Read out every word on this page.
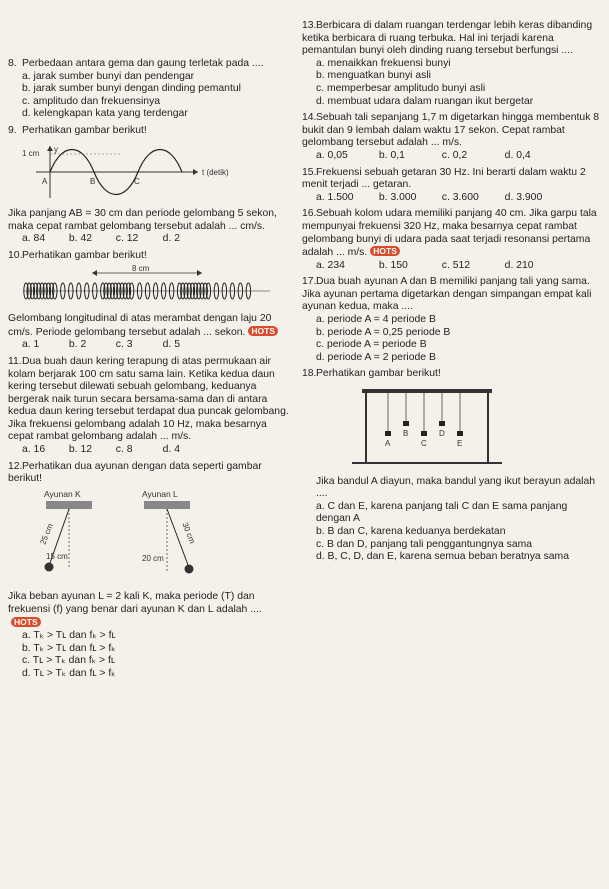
8. Perbedaan antara gema dan gaung terletak pada ....
a. jarak sumber bunyi dan pendengar
b. jarak sumber bunyi dengan dinding pemantul
c. amplitudo dan frekuensinya
d. kelengkapan kata yang terdengar
9. Perhatikan gambar berikut!
y
1 cm
t (detik)
A	B	C
Jika panjang AB = 30 cm dan periode gelombang 5 sekon, maka cepat rambat gelombang tersebut adalah ... cm/s.
a. 84 b. 42 c. 12 d. 2
10.Perhatikan gambar berikut!
8 cm
Gelombang longitudinal di atas merambat dengan laju 20 cm/s. Periode gelombang tersebut adalah ... sekon. HOTS
a. 1	b. 2	c. 3	d. 5
11.Dua buah daun kering terapung di atas permukaan air kolam berjarak 100 cm satu sama lain. Ketika kedua daun kering tersebut dilewati sebuah gelombang, keduanya bergerak naik turun secara bersama-sama dan di antara kedua daun kering tersebut terdapat dua puncak gelombang. Jika frekuensi gelombang adalah 10 Hz, maka besarnya cepat rambat gelombang adalah ... m/s.
a. 16 b. 12 c. 8	d. 4
12.Perhatikan dua ayunan dengan data seperti gambar berikut!
Ayunan K	Ayunan L
25 cm
15 cm
30 cm
20 cm
Jika beban ayunan L = 2 kali K, maka periode (T) dan frekuensi (f) yang benar dari ayunan K dan L adalah ....HOTS
a. Tₖ > Tʟ dan fₖ > fʟ
b. Tₖ > Tʟ dan fʟ > fₖ
c. Tʟ > Tₖ dan fₖ > fʟ
d. Tʟ > Tₖ dan fʟ > fₖ
13.Berbicara di dalam ruangan terdengar lebih keras dibanding ketika berbicara di ruang terbuka. Hal ini terjadi karena pemantulan bunyi oleh dinding ruang tersebut berfungsi ....
a. menaikkan frekuensi bunyi
b. menguatkan bunyi asli
c. memperbesar amplitudo bunyi asli
d. membuat udara dalam ruangan ikut bergetar
14.Sebuah tali sepanjang 1,7 m digetarkan hingga membentuk 8 bukit dan 9 lembah dalam waktu 17 sekon. Cepat rambat gelombang tersebut adalah ... m/s.
a. 0,05	b. 0,1	c. 0,2	d. 0,4
15.Frekuensi sebuah getaran 30 Hz. Ini berarti dalam waktu 2 menit terjadi ... getaran.
a. 1.500 b. 3.000 c. 3.600 d. 3.900
16.Sebuah kolom udara memiliki panjang 40 cm. Jika garpu tala mempunyai frekuensi 320 Hz, maka besarnya cepat rambat gelombang bunyi di udara pada saat terjadi resonansi pertama adalah ... m/s. HOTS
a. 234	b. 150	c. 512	d. 210
17.Dua buah ayunan A dan B memiliki panjang tali yang sama. Jika ayunan pertama digetarkan dengan simpangan empat kali ayunan kedua, maka ....
a. periode A = 4 periode B
b. periode A = 0,25 periode B
c. periode A = periode B
d. periode A = 2 periode B
18.Perhatikan gambar berikut!
A
B
C
D
E
Jika bandul A diayun, maka bandul yang ikut berayun adalah ....
a. C dan E, karena panjang tali C dan E sama panjang dengan A
b. B dan C, karena keduanya berdekatan
c. B dan D, panjang tali penggantungnya sama
d. B, C, D, dan E, karena semua beban beratnya sama
